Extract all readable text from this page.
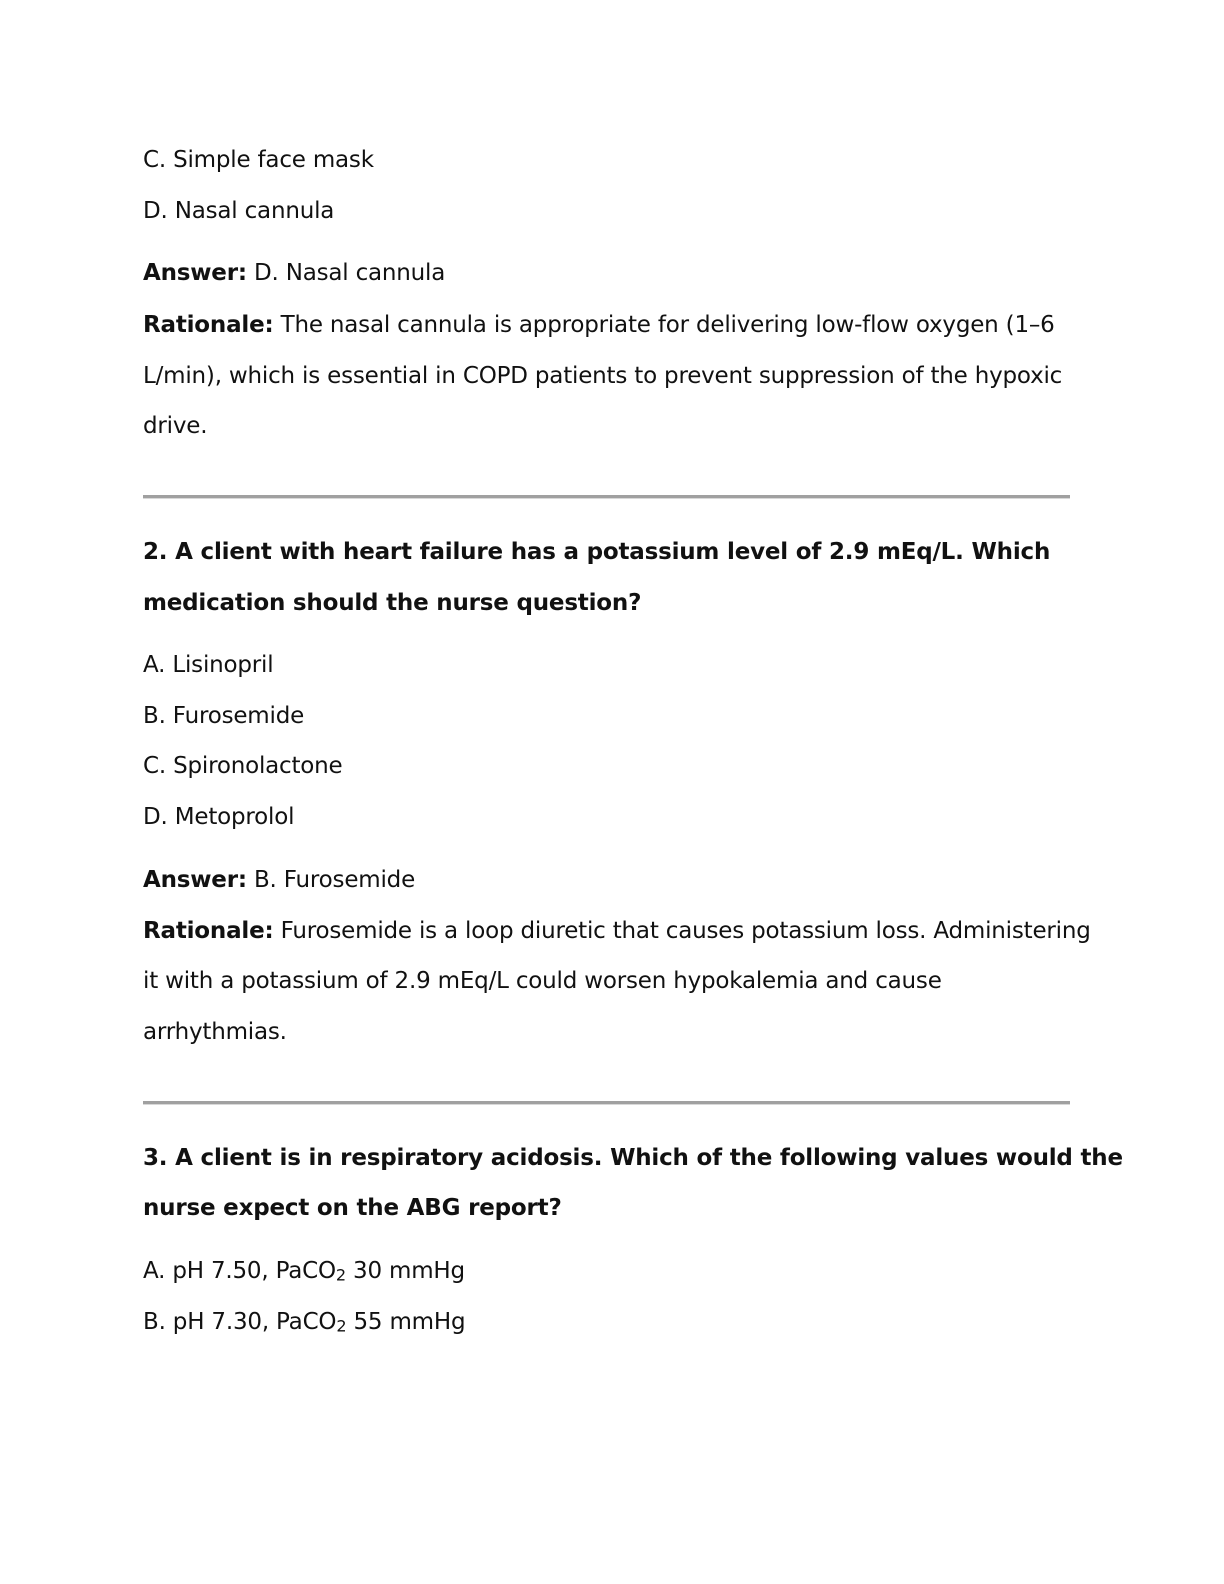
C. Simple face mask
D. Nasal cannula
Answer: D. Nasal cannula
Rationale: The nasal cannula is appropriate for delivering low-flow oxygen (1–6
L/min), which is essential in COPD patients to prevent suppression of the hypoxic
drive.
2. A client with heart failure has a potassium level of 2.9 mEq/L. Which
medication should the nurse question?
A. Lisinopril
B. Furosemide
C. Spironolactone
D. Metoprolol
Answer: B. Furosemide
Rationale: Furosemide is a loop diuretic that causes potassium loss. Administering
it with a potassium of 2.9 mEq/L could worsen hypokalemia and cause
arrhythmias.
3. A client is in respiratory acidosis. Which of the following values would the
nurse expect on the ABG report?
A. pH 7.50, PaCO$_2$ 30 mmHg
B. pH 7.30, PaCO$_2$ 55 mmHg
